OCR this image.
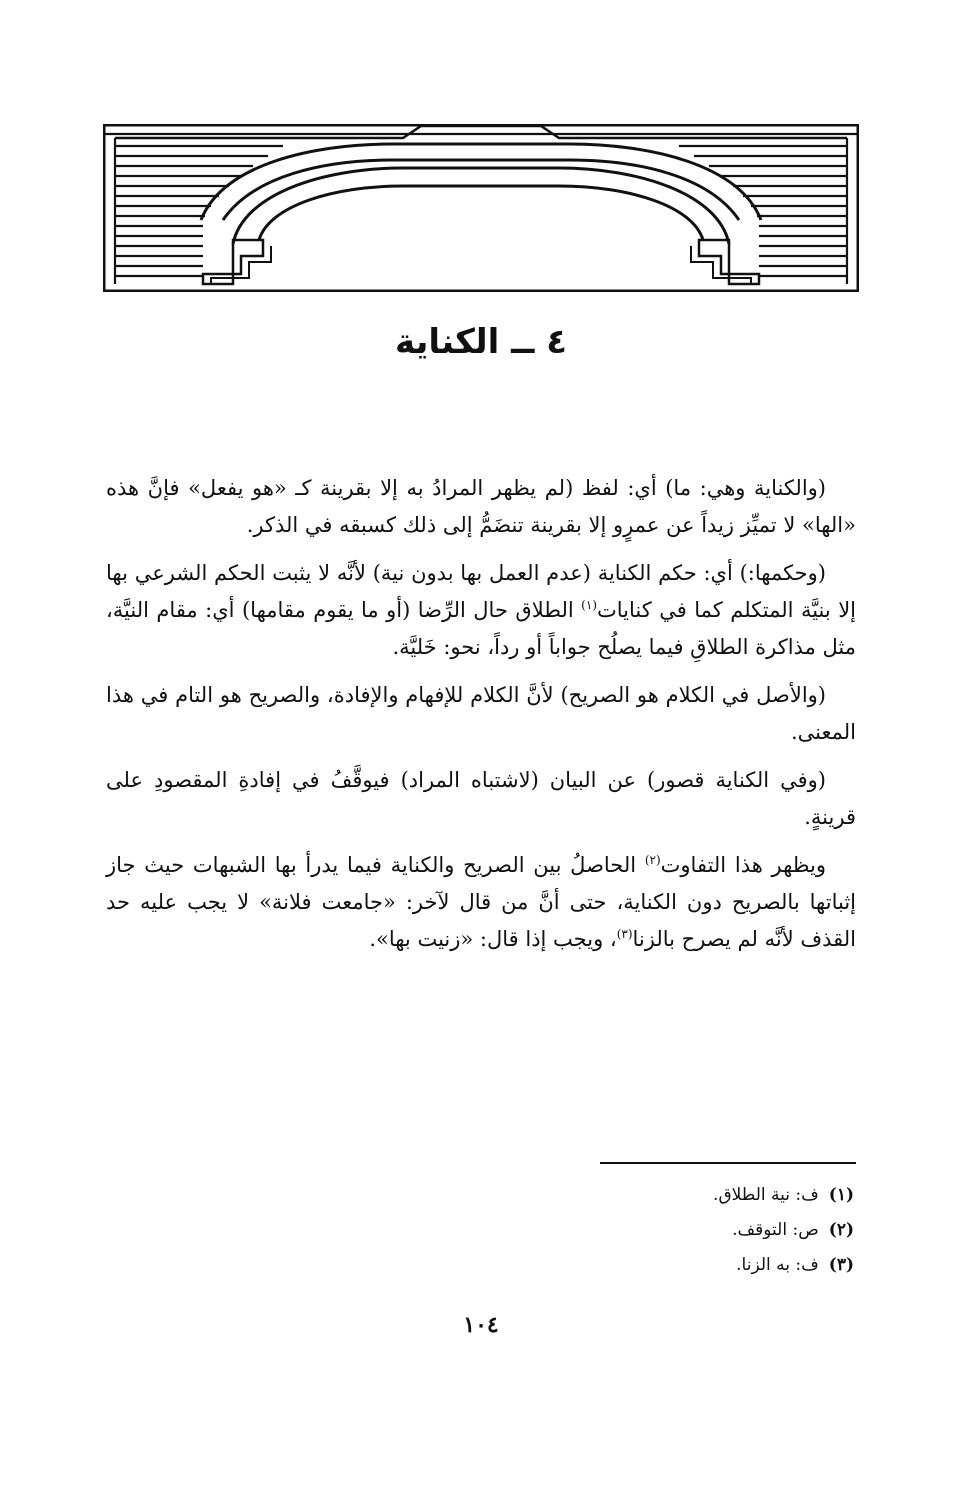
٤ ــ الكناية

(والكناية وهي: ما) أي: لفظ (لم يظهر المرادُ به إلا بقرينة كـ «هو يفعل» فإنَّ هذه «الها» لا تميِّز زيداً عن عمرٍو إلا بقرينة تنضَمُّ إلى ذلك كسبقه في الذكر.

(وحكمها:) أي: حكم الكناية (عدم العمل بها بدون نية) لأنَّه لا يثبت الحكم الشرعي بها إلا بنيَّة المتكلم كما في كنايات$^{(١)}$ الطلاق حال الرِّضا (أو ما يقوم مقامها) أي: مقام النيَّة، مثل مذاكرة الطلاقِ فيما يصلُح جواباً أو رداً، نحو: خَليَّة.

(والأصل في الكلام هو الصريح) لأنَّ الكلام للإفهام والإفادة، والصريح هو التام في هذا المعنى.

(وفي الكناية قصور) عن البيان (لاشتباه المراد) فيوقَّفُ في إفادةِ المقصودِ على قرينةٍ.

ويظهر هذا التفاوت$^{(٢)}$ الحاصلُ بين الصريح والكناية فيما يدرأ بها الشبهات حيث جاز إثباتها بالصريح دون الكناية، حتى أنَّ من قال لآخر: «جامعت فلانة» لا يجب عليه حد القذف لأنَّه لم يصرح بالزنا$^{(٣)}$، ويجب إذا قال: «زنيت بها».

(١)ف: نية الطلاق.

(٢)ص: التوقف.

(٣)ف: به الزنا.

١٠٤
